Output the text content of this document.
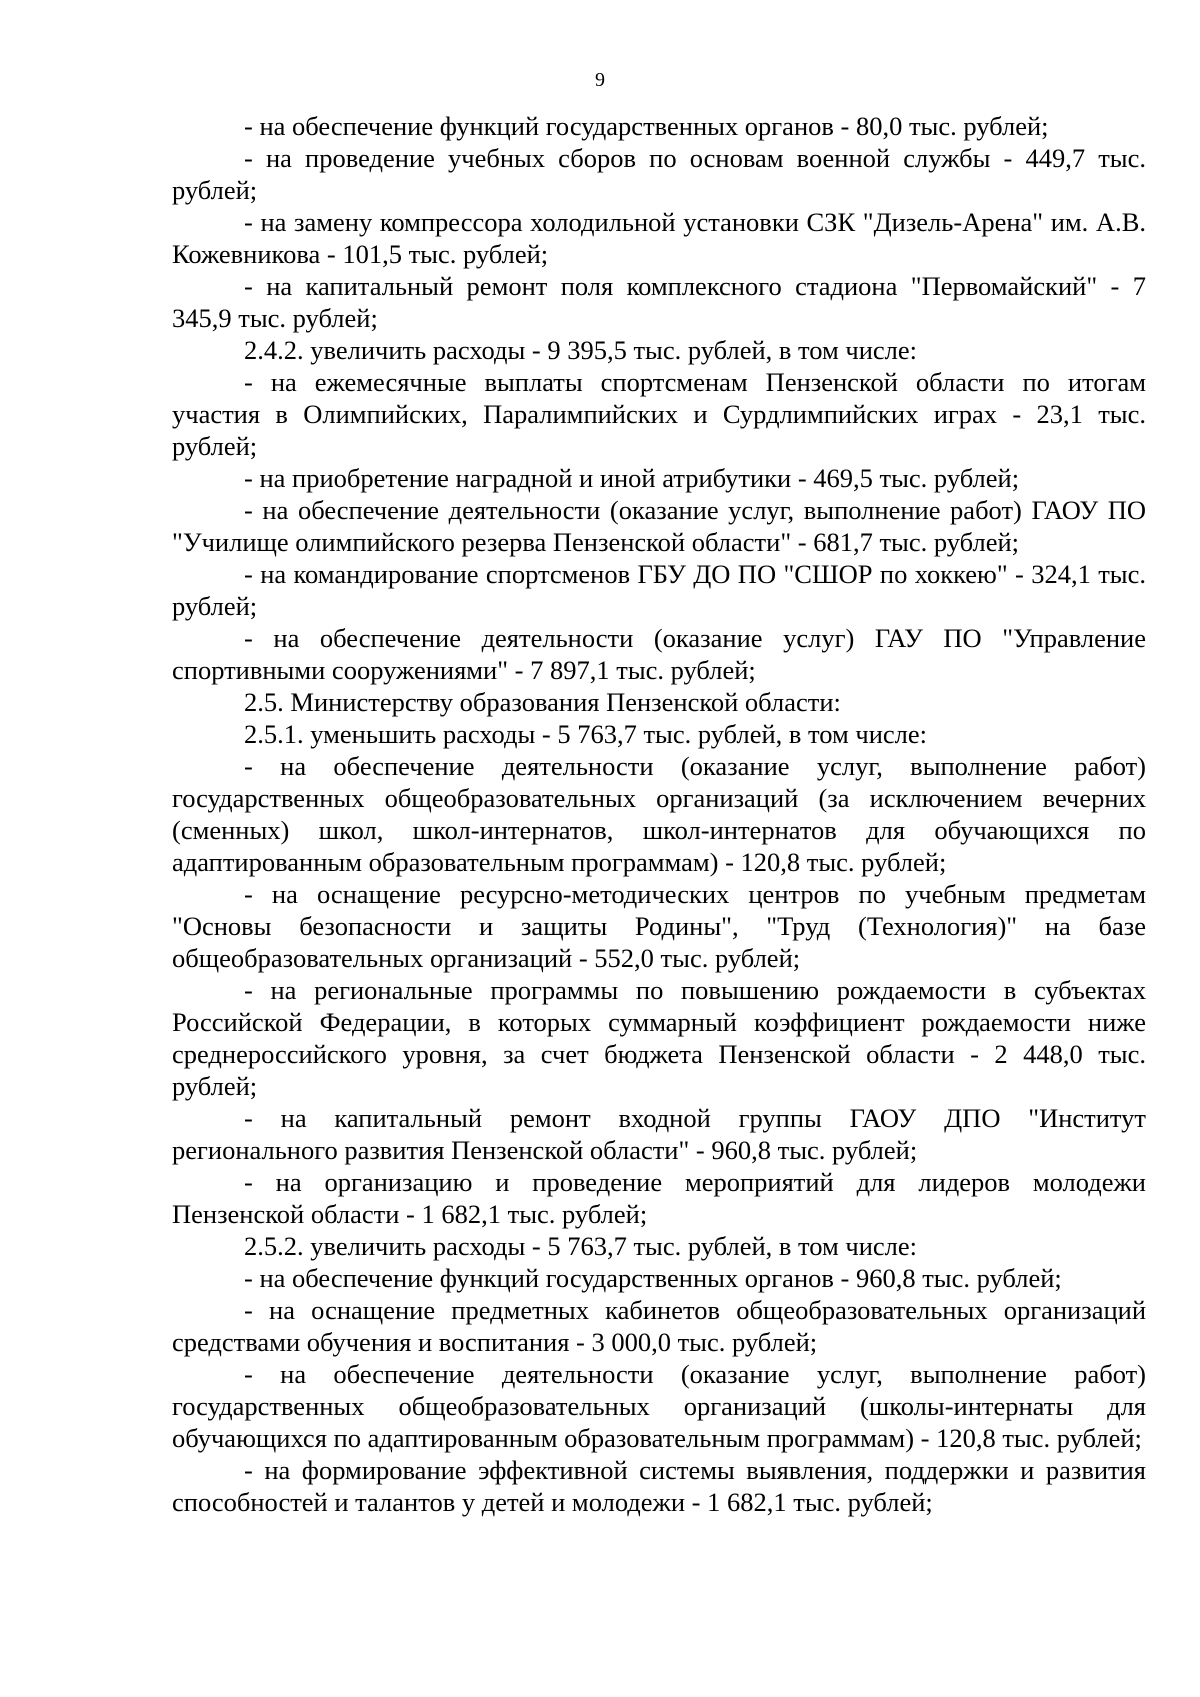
9

- на обеспечение функций государственных органов - 80,0 тыс. рублей;

- на проведение учебных сборов по основам военной службы - 449,7 тыс. рублей;

- на замену компрессора холодильной установки СЗК "Дизель-Арена" им. А.В. Кожевникова - 101,5 тыс. рублей;

- на капитальный ремонт поля комплексного стадиона "Первомайский" - 7 345,9 тыс. рублей;

2.4.2. увеличить расходы - 9 395,5 тыс. рублей, в том числе:

- на ежемесячные выплаты спортсменам Пензенской области по итогам участия в Олимпийских, Паралимпийских и Сурдлимпийских играх - 23,1 тыс. рублей;

- на приобретение наградной и иной атрибутики - 469,5 тыс. рублей;

- на обеспечение деятельности (оказание услуг, выполнение работ) ГАОУ ПО "Училище олимпийского резерва Пензенской области" - 681,7 тыс. рублей;

- на командирование спортсменов ГБУ ДО ПО "СШОР по хоккею" - 324,1 тыс. рублей;

- на обеспечение деятельности (оказание услуг) ГАУ ПО "Управление спортивными сооружениями" - 7 897,1 тыс. рублей;

2.5. Министерству образования Пензенской области:

2.5.1. уменьшить расходы - 5 763,7 тыс. рублей, в том числе:

- на обеспечение деятельности (оказание услуг, выполнение работ) государственных общеобразовательных организаций (за исключением вечерних (сменных) школ, школ-интернатов, школ-интернатов для обучающихся по адаптированным образовательным программам) - 120,8 тыс. рублей;

- на оснащение ресурсно-методических центров по учебным предметам "Основы безопасности и защиты Родины", "Труд (Технология)" на базе общеобразовательных организаций - 552,0 тыс. рублей;

- на региональные программы по повышению рождаемости в субъектах Российской Федерации, в которых суммарный коэффициент рождаемости ниже среднероссийского уровня, за счет бюджета Пензенской области - 2 448,0 тыс. рублей;

- на капитальный ремонт входной группы ГАОУ ДПО "Институт регионального развития Пензенской области" - 960,8 тыс. рублей;

- на организацию и проведение мероприятий для лидеров молодежи Пензенской области - 1 682,1 тыс. рублей;

2.5.2. увеличить расходы - 5 763,7 тыс. рублей, в том числе:

- на обеспечение функций государственных органов - 960,8 тыс. рублей;

- на оснащение предметных кабинетов общеобразовательных организаций средствами обучения и воспитания - 3 000,0 тыс. рублей;

- на обеспечение деятельности (оказание услуг, выполнение работ) государственных общеобразовательных организаций (школы-интернаты для обучающихся по адаптированным образовательным программам) - 120,8 тыс. рублей;

- на формирование эффективной системы выявления, поддержки и развития способностей и талантов у детей и молодежи - 1 682,1 тыс. рублей;
